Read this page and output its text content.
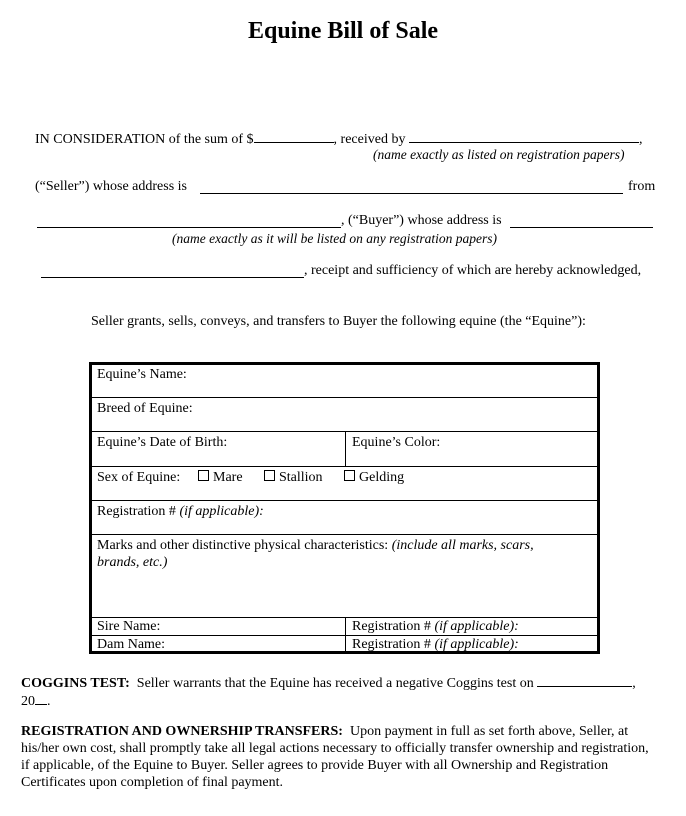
Equine Bill of Sale
IN CONSIDERATION of the sum of $	, received by	,
(name exactly as listed on registration papers)
(“Seller”) whose address is	from
, (“Buyer”) whose address is
(name exactly as it will be listed on any registration papers)
, receipt and sufficiency of which are hereby acknowledged,
Seller grants, sells, conveys, and transfers to Buyer the following equine (the “Equine”):
Equine’s Name:
Breed of Equine:
Equine’s Date of Birth:	Equine’s Color:
Sex of Equine:	Mare	Stallion	Gelding
Registration # (if applicable):
Marks and other distinctive physical characteristics: (include all marks, scars,
brands, etc.)
Sire Name:	Registration # (if applicable):
Dam Name:	Registration # (if applicable):
COGGINS TEST: Seller warrants that the Equine has received a negative Coggins test on	,
20 .
REGISTRATION AND OWNERSHIP TRANSFERS: Upon payment in full as set forth above, Seller, at
his/her own cost, shall promptly take all legal actions necessary to officially transfer ownership and registration,
if applicable, of the Equine to Buyer. Seller agrees to provide Buyer with all Ownership and Registration
Certificates upon completion of final payment.
